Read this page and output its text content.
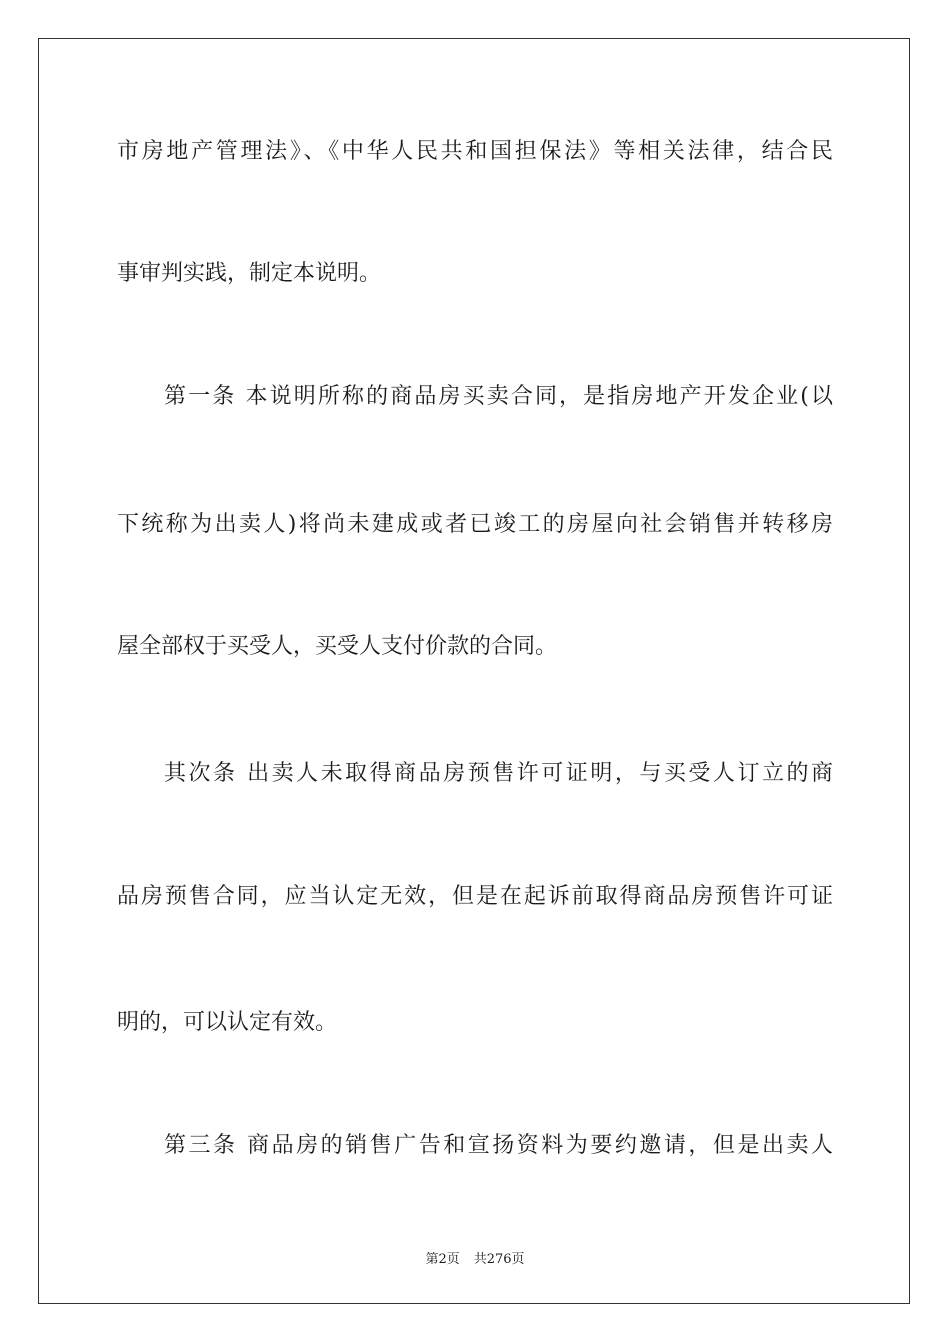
市房地产管理法》、《中华人民共和国担保法》等相关法律，结合民
事审判实践，制定本说明。
第一条 本说明所称的商品房买卖合同，是指房地产开发企业(以
下统称为出卖人)将尚未建成或者已竣工的房屋向社会销售并转移房
屋全部权于买受人，买受人支付价款的合同。
其次条 出卖人未取得商品房预售许可证明，与买受人订立的商
品房预售合同，应当认定无效，但是在起诉前取得商品房预售许可证
明的，可以认定有效。
第三条 商品房的销售广告和宣扬资料为要约邀请，但是出卖人
第2页 共276页
